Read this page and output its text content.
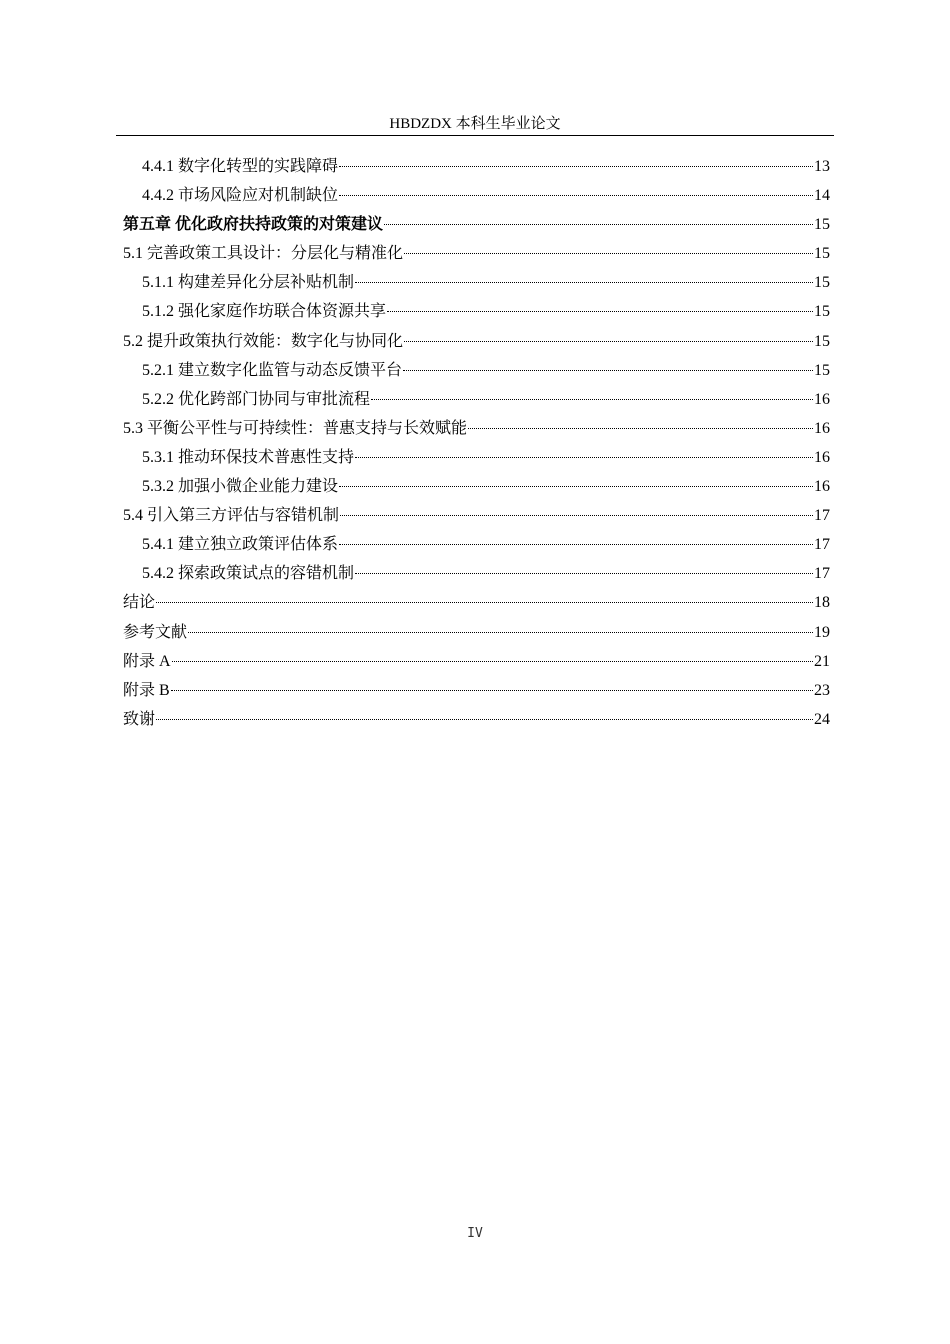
HBDZDX 本科生毕业论文
4.4.1 数字化转型的实践障碍	13
4.4.2 市场风险应对机制缺位	14
第五章 优化政府扶持政策的对策建议	15
5.1 完善政策工具设计：分层化与精准化	15
5.1.1 构建差异化分层补贴机制	15
5.1.2 强化家庭作坊联合体资源共享	15
5.2 提升政策执行效能：数字化与协同化	15
5.2.1 建立数字化监管与动态反馈平台	15
5.2.2 优化跨部门协同与审批流程	16
5.3 平衡公平性与可持续性：普惠支持与长效赋能	16
5.3.1 推动环保技术普惠性支持	16
5.3.2 加强小微企业能力建设	16
5.4 引入第三方评估与容错机制	17
5.4.1 建立独立政策评估体系	17
5.4.2 探索政策试点的容错机制	17
结论	18
参考文献	19
附录 A	21
附录 B	23
致谢	24
IV
